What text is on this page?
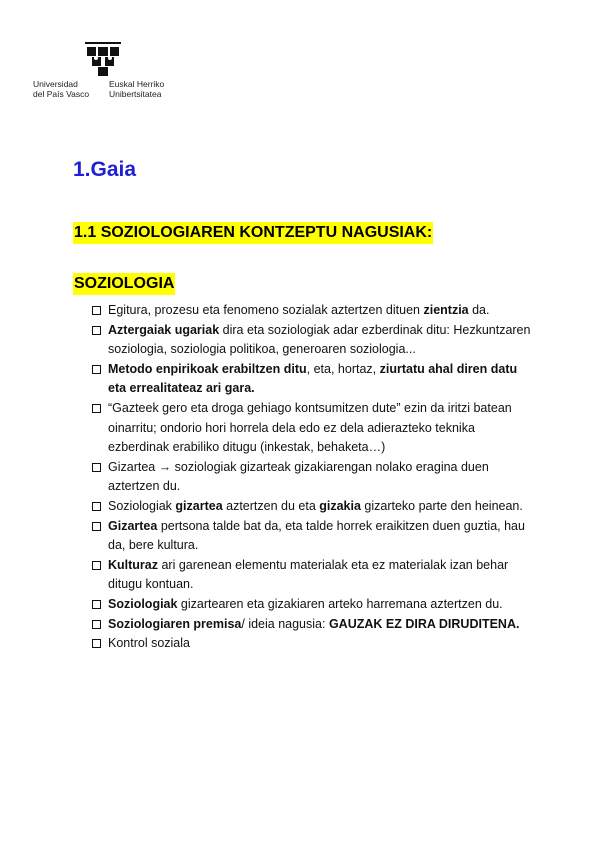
Universidad
del País Vasco
Euskal Herriko
Unibertsitatea
1.Gaia
1.1 SOZIOLOGIAREN KONTZEPTU NAGUSIAK:
SOZIOLOGIA
Egitura, prozesu eta fenomeno sozialak aztertzen dituen zientzia da.
Aztergaiak ugariak dira eta soziologiak adar ezberdinak ditu: Hezkuntzaren soziologia, soziologia politikoa, generoaren soziologia...
Metodo enpirikoak erabiltzen ditu, eta, hortaz, ziurtatu ahal diren datu eta errealitateaz ari gara.
“Gazteek gero eta droga gehiago kontsumitzen dute” ezin da iritzi batean oinarritu; ondorio hori horrela dela edo ez dela adierazteko teknika ezberdinak erabiliko ditugu (inkestak, behaketa…)
Gizartea → soziologiak gizarteak gizakiarengan nolako eragina duen aztertzen du.
Soziologiak gizartea aztertzen du eta gizakia gizarteko parte den heinean.
Gizartea pertsona talde bat da, eta talde horrek eraikitzen duen guztia, hau da, bere kultura.
Kulturaz ari garenean elementu materialak eta ez materialak izan behar ditugu kontuan.
Soziologiak gizartearen eta gizakiaren arteko harremana aztertzen du.
Soziologiaren premisa/ ideia nagusia: GAUZAK EZ DIRA DIRUDITENA.
Kontrol soziala
